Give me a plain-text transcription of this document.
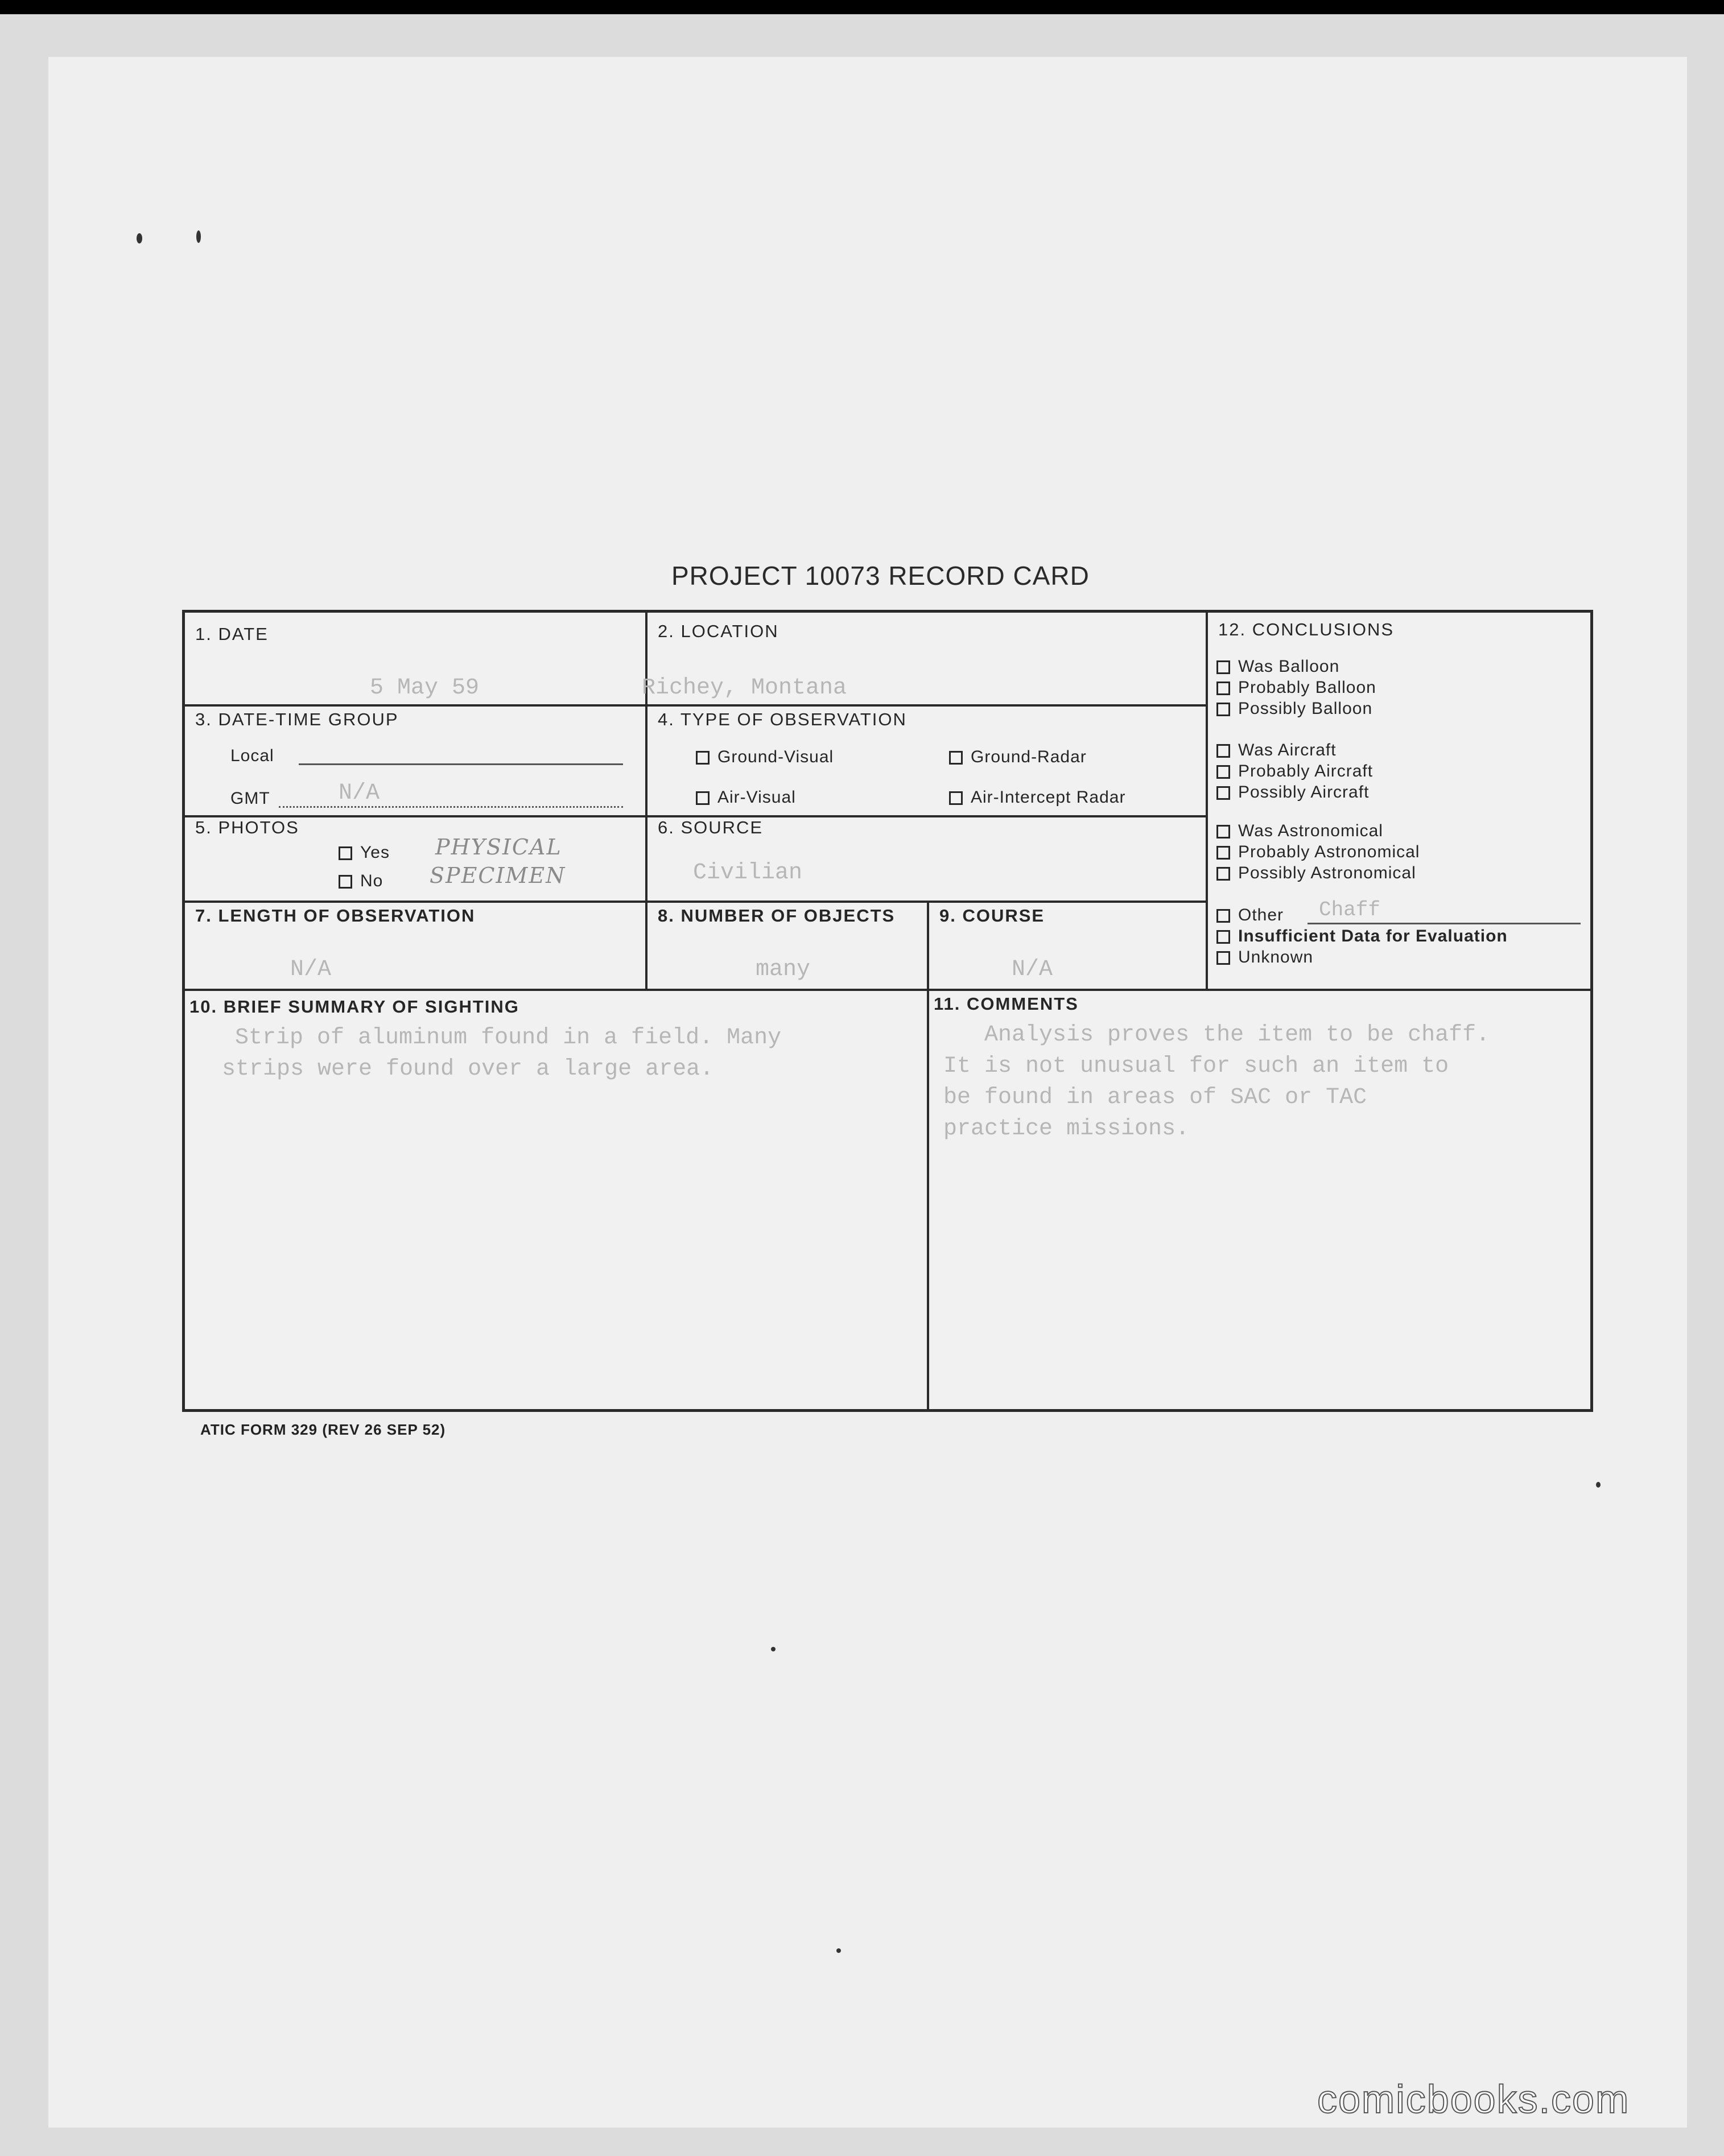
PROJECT 10073 RECORD CARD
1. DATE
5 May 59
2. LOCATION
Richey, Montana
3. DATE-TIME GROUP
Local
GMT	N/A
4. TYPE OF OBSERVATION
Ground-Visual	Ground-Radar
Air-Visual	Air-Intercept Radar
5. PHOTOS
Yes
No
PHYSICAL
SPECIMEN
6. SOURCE
Civilian
7. LENGTH OF OBSERVATION
N/A
8. NUMBER OF OBJECTS
many
9. COURSE
N/A
12. CONCLUSIONS
Was Balloon
Probably Balloon
Possibly Balloon
Was Aircraft
Probably Aircraft
Possibly Aircraft
Was Astronomical
Probably Astronomical
Possibly Astronomical
Other Chaff
Insufficient Data for Evaluation
Unknown
10. BRIEF SUMMARY OF SIGHTING
Strip of aluminum found in a field. Many
strips were found over a large area.
11. COMMENTS
Analysis proves the item to be chaff.
It is not unusual for such an item to
be found in areas of SAC or TAC
practice missions.
ATIC FORM 329 (REV 26 SEP 52)
comicbooks.com
